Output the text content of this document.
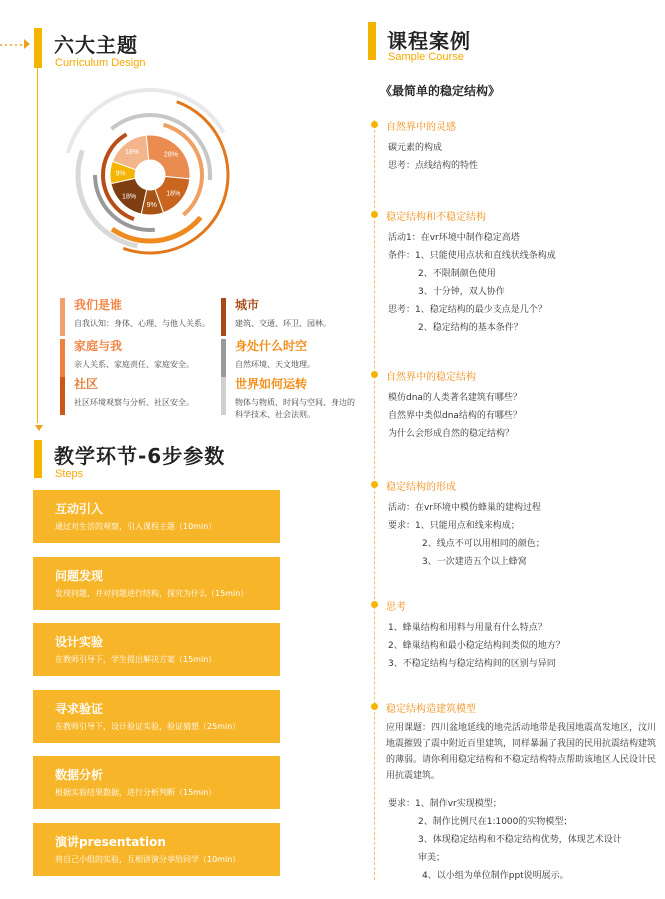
六大主题
Curriculum Design
18%	28%
18%
9%
18%
9%
我们是谁
自我认知：身体、心理、与他人关系。
城市
建筑、交通、环卫、园林。
家庭与我
亲人关系、家庭责任、家庭安全。
身处什么时空
自然环境、天文地理。
社区
社区环境观察与分析、社区安全。
世界如何运转
物体与物质、时间与空间、身边的科学技术、社会法则。
教学环节-6步参数
Steps
互动引入
通过对生活的观察，引入课程主题（10min）
问题发现
发现问题，并对问题进行结构，探究为什么（15min）
设计实验
在教师引导下，学生提出解决方案（15min）
寻求验证
在教师引导下，设计验证实验，验证猜想（25min）
数据分析
根据实验结果数据，进行分析判断（15min）
演讲presentation
将自己小组的实验，互相讲演分享给同学（10min）
课程案例
Sample Course
《最简单的稳定结构》
自然界中的灵感
碳元素的构成
思考：点线结构的特性
稳定结构和不稳定结构
活动1：在vr环境中制作稳定高塔
条件：1、只能使用点状和直线状线条构成
2、不限制颜色使用
3、十分钟，双人协作
思考：1、稳定结构的最少支点是几个？
2、稳定结构的基本条件？
自然界中的稳定结构
模仿dna的人类著名建筑有哪些？
自然界中类似dna结构的有哪些？
为什么会形成自然的稳定结构？
稳定结构的形成
活动：在vr环境中模仿蜂巢的建构过程
要求：1、只能用点和线来构成；
2、线点不可以用相同的颜色；
3、一次建造五个以上蜂窝
思考
1、蜂巢结构和用料与用量有什么特点？
2、蜂巢结构和最小稳定结构间类似的地方？
3、不稳定结构与稳定结构间的区别与异同
稳定结构造建筑模型
应用课题：四川盆地延线的地壳活动地带是我国地震高发地区，汶川地震摧毁了震中附近百里建筑，同样暴漏了我国的民用抗震结构建筑的薄弱。请你利用稳定结构和不稳定结构特点帮助该地区人民设计民用抗震建筑。
要求：1、制作vr实现模型；
2、制作比例尺在1:1000的实物模型；
3、体现稳定结构和不稳定结构优势，体现艺术设计
审美；
4、以小组为单位制作ppt说明展示。
